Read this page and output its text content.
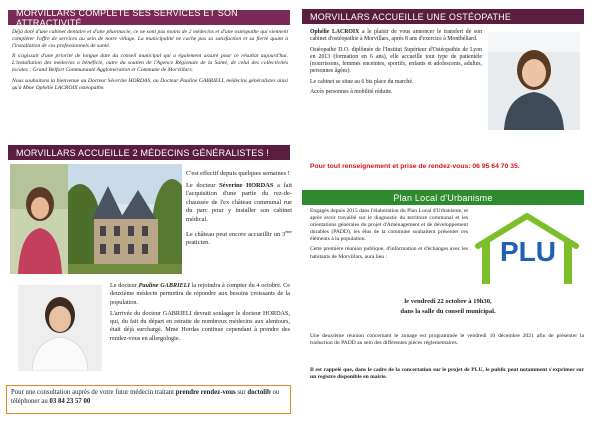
MORVILLARS COMPLÈTE SES SERVICES ET SON ATTRACTIVITÉ

Déjà doté d'une cabinet dentaire et d'une pharmacie, ce ne sont pas moins de 2 médecins et d'une ostéopathe qui viennent compléter l'offre de services au sein de notre village. La municipalité ne cache pas sa satisfaction et sa fierté quant à l'installation de ces professionnels de santé.

Il s'agissait d'une priorité de longue date du conseil municipal qui a également assuré pour ce résultat aujourd'hui. L'installation des médecins a bénéficié, outre du soutien de l'Agence Régionale de la Santé, de celui des collectivités locales : Grand Belfort Communauté Agglomération et Commune de Morvillars.

Nous souhaitons la bienvenue au Docteur Séverine HORDAS, au Docteur Pauline GABRIELI, médecins généralistes ainsi qu'à Mme Ophélie LACROIX ostéopathe.

MORVILLARS ACCUEILLE 2 MÉDECINS GÉNÉRALISTES !

C'est effectif depuis quelques semaines !

Le docteur Séverine HORDAS a fait l'acquisition d'une partie du rez-de-chaussée de l'ex château communal rue du parc pour y installer son cabinet médical.

Le château peut encore accueillir un 3ème praticien.

Le docteur Pauline GABRIELI la rejoindra à compter du 4 octobre. Ce deuxième médecin permettra de répondre aux besoins croissants de la population.

L'arrivée du docteur GABRIELI devrait soulager le docteur HORDAS, qui, du fait du départ en retraite de nombreux médecins aux alentours, était déjà surchargé. Mme Hordas continue cependant à prendre des rendez-vous en allergologie.

Pour une consultation auprès de votre futur médecin traitant prendre rendez-vous sur doctolib ou téléphoner au 03 84 23 57 00
MORVILLARS ACCUEILLE UNE OSTÉOPATHE

Ophélie LACROIX a le plaisir de vous annoncer le transfert de son cabinet d'ostéopathie à Morvillars, après 8 ans d'exercice à Montbéliard.

Ostéopathe D.O. diplômée de l'Institut Supérieur d'Ostéopathie de Lyon en 2013 (formation en 6 ans), elle accueille tout type de patientèle (nourrissons, femmes enceintes, sportifs, enfants et adolescents, adultes, personnes âgées).

Le cabinet se situe au 6 bis place du marché.

Accès personnes à mobilité réduite.

Pour tout renseignement et prise de rendez-vous: 06 95 64 70 35.
Plan Local d'Urbanisme

Engagés depuis 2015 dans l'élaboration du Plan Local d'Urbanisme, et après avoir travaillé sur le diagnostic du territoire communal et les orientations générales du projet d'Aménagement et de développement durables (PADD), les élus de la commune souhaitent présenter ces éléments à la population.

Cette première réunion publique, d'information et d'échanges avec les habitants de Morvillars, aura lieu :	PLU
le vendredi 22 octobre à 19h30,
dans la salle du conseil municipal.
Une deuxième réunion concernant le zonage est programmée le vendredi 10 décembre 2021 afin de présenter la traduction du PADD au sein des différentes pièces réglementaires.
Il est rappelé que, dans le cadre de la concertation sur le projet de PLU, le public peut notamment s'exprimer sur un registre disponible en mairie.
